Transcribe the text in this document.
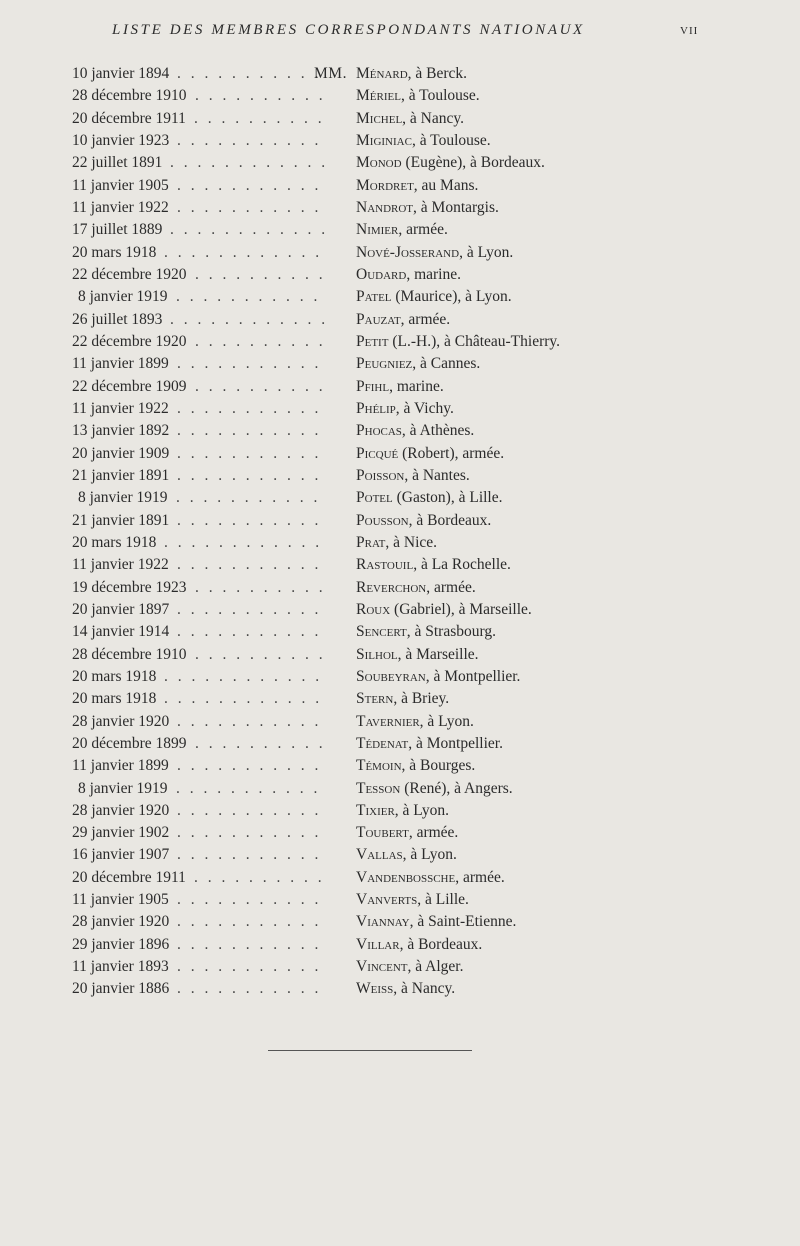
LISTE DES MEMBRES CORRESPONDANTS NATIONAUX	VII
10 janvier 1894 . . . . . . . . . . .
MM. Ménard, à Berck.
28 décembre 1910 . . . . . . . . . . Mériel, à Toulouse.
20 décembre 1911 . . . . . . . . . . Michel, à Nancy.
10 janvier 1923 . . . . . . . . . . . Miginiac, à Toulouse.
22 juillet 1891 . . . . . . . . . . . . Monod (Eugène), à Bordeaux.
11 janvier 1905 . . . . . . . . . . . Mordret, au Mans.
11 janvier 1922 . . . . . . . . . . . Nandrot, à Montargis.
17 juillet 1889 . . . . . . . . . . . . Nimier, armée.
20 mars 1918 . . . . . . . . . . . . Nové-Josserand, à Lyon.
22 décembre 1920 . . . . . . . . . . Oudard, marine.
8 janvier 1919 . . . . . . . . . . . Patel (Maurice), à Lyon.
26 juillet 1893 . . . . . . . . . . . . Pauzat, armée.
22 décembre 1920 . . . . . . . . . . Petit (L.-H.), à Château-Thierry.
11 janvier 1899 . . . . . . . . . . . Peugniez, à Cannes.
22 décembre 1909 . . . . . . . . . . Pfihl, marine.
11 janvier 1922 . . . . . . . . . . . Phélip, à Vichy.
13 janvier 1892 . . . . . . . . . . . Phocas, à Athènes.
20 janvier 1909 . . . . . . . . . . . Picqué (Robert), armée.
21 janvier 1891 . . . . . . . . . . . Poisson, à Nantes.
8 janvier 1919 . . . . . . . . . . . Potel (Gaston), à Lille.
21 janvier 1891 . . . . . . . . . . . Pousson, à Bordeaux.
20 mars 1918 . . . . . . . . . . . . Prat, à Nice.
11 janvier 1922 . . . . . . . . . . . Rastouil, à La Rochelle.
19 décembre 1923 . . . . . . . . . . Reverchon, armée.
20 janvier 1897 . . . . . . . . . . . Roux (Gabriel), à Marseille.
14 janvier 1914 . . . . . . . . . . . Sencert, à Strasbourg.
28 décembre 1910 . . . . . . . . . . Silhol, à Marseille.
20 mars 1918 . . . . . . . . . . . . Soubeyran, à Montpellier.
20 mars 1918 . . . . . . . . . . . . Stern, à Briey.
28 janvier 1920 . . . . . . . . . . . Tavernier, à Lyon.
20 décembre 1899 . . . . . . . . . . Tédenat, à Montpellier.
11 janvier 1899 . . . . . . . . . . . Témoin, à Bourges.
8 janvier 1919 . . . . . . . . . . . Tesson (René), à Angers.
28 janvier 1920 . . . . . . . . . . . Tixier, à Lyon.
29 janvier 1902 . . . . . . . . . . . Toubert, armée.
16 janvier 1907 . . . . . . . . . . . Vallas, à Lyon.
20 décembre 1911 . . . . . . . . . . Vandenbossche, armée.
11 janvier 1905 . . . . . . . . . . . Vanverts, à Lille.
28 janvier 1920 . . . . . . . . . . . Viannay, à Saint-Etienne.
29 janvier 1896 . . . . . . . . . . . Villar, à Bordeaux.
11 janvier 1893 . . . . . . . . . . . Vincent, à Alger.
20 janvier 1886 . . . . . . . . . . . Weiss, à Nancy.
